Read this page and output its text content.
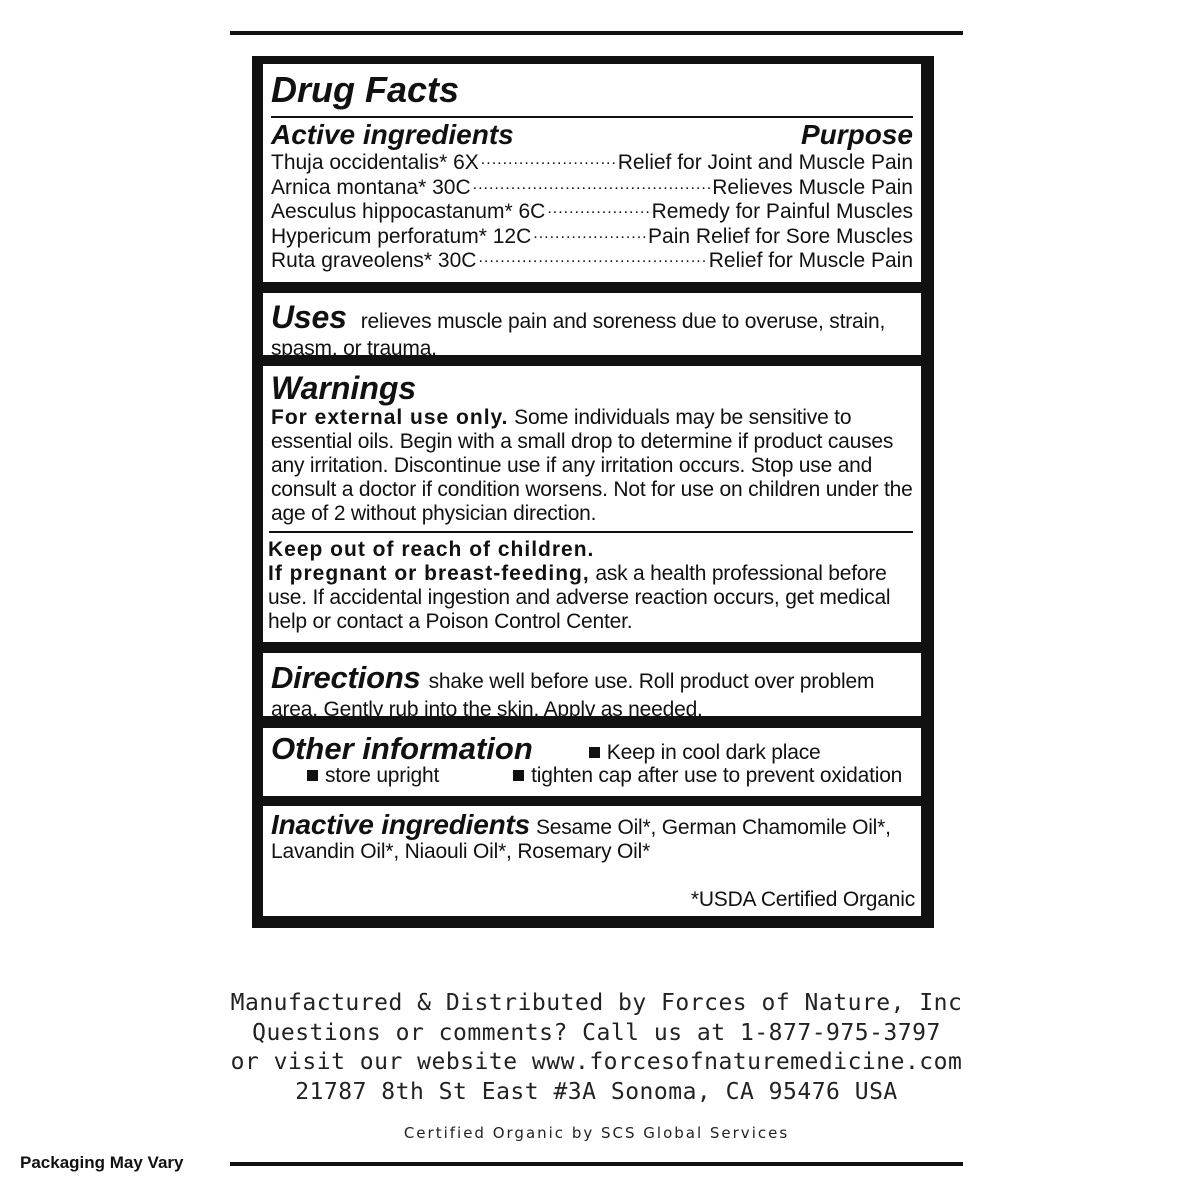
Drug Facts
Active ingredients	Purpose
Thuja occidentalis* 6X .....	Relief for Joint and Muscle Pain
Arnica montana* 30C .....	Relieves Muscle Pain
Aesculus hippocastanum* 6C .....	Remedy for Painful Muscles
Hypericum perforatum* 12C .....	Pain Relief for Sore Muscles
Ruta graveolens* 30C .....	Relief for Muscle Pain
Uses relieves muscle pain and soreness due to overuse, strain, spasm, or trauma.
Warnings
For external use only. Some individuals may be sensitive to essential oils. Begin with a small drop to determine if product causes any irritation. Discontinue use if any irritation occurs. Stop use and consult a doctor if condition worsens. Not for use on children under the age of 2 without physician direction.
Keep out of reach of children.
If pregnant or breast-feeding, ask a health professional before use. If accidental ingestion and adverse reaction occurs, get medical help or contact a Poison Control Center.
Directions shake well before use. Roll product over problem area. Gently rub into the skin. Apply as needed.
Other information	Keep in cool dark place
store upright	tighten cap after use to prevent oxidation
Inactive ingredients Sesame Oil*, German Chamomile Oil*, Lavandin Oil*, Niaouli Oil*, Rosemary Oil*
*USDA Certified Organic
Manufactured & Distributed by Forces of Nature, Inc
Questions or comments? Call us at 1-877-975-3797
or visit our website www.forcesofnaturemedicine.com
21787 8th St East #3A Sonoma, CA 95476 USA
Certified Organic by SCS Global Services
Packaging May Vary
